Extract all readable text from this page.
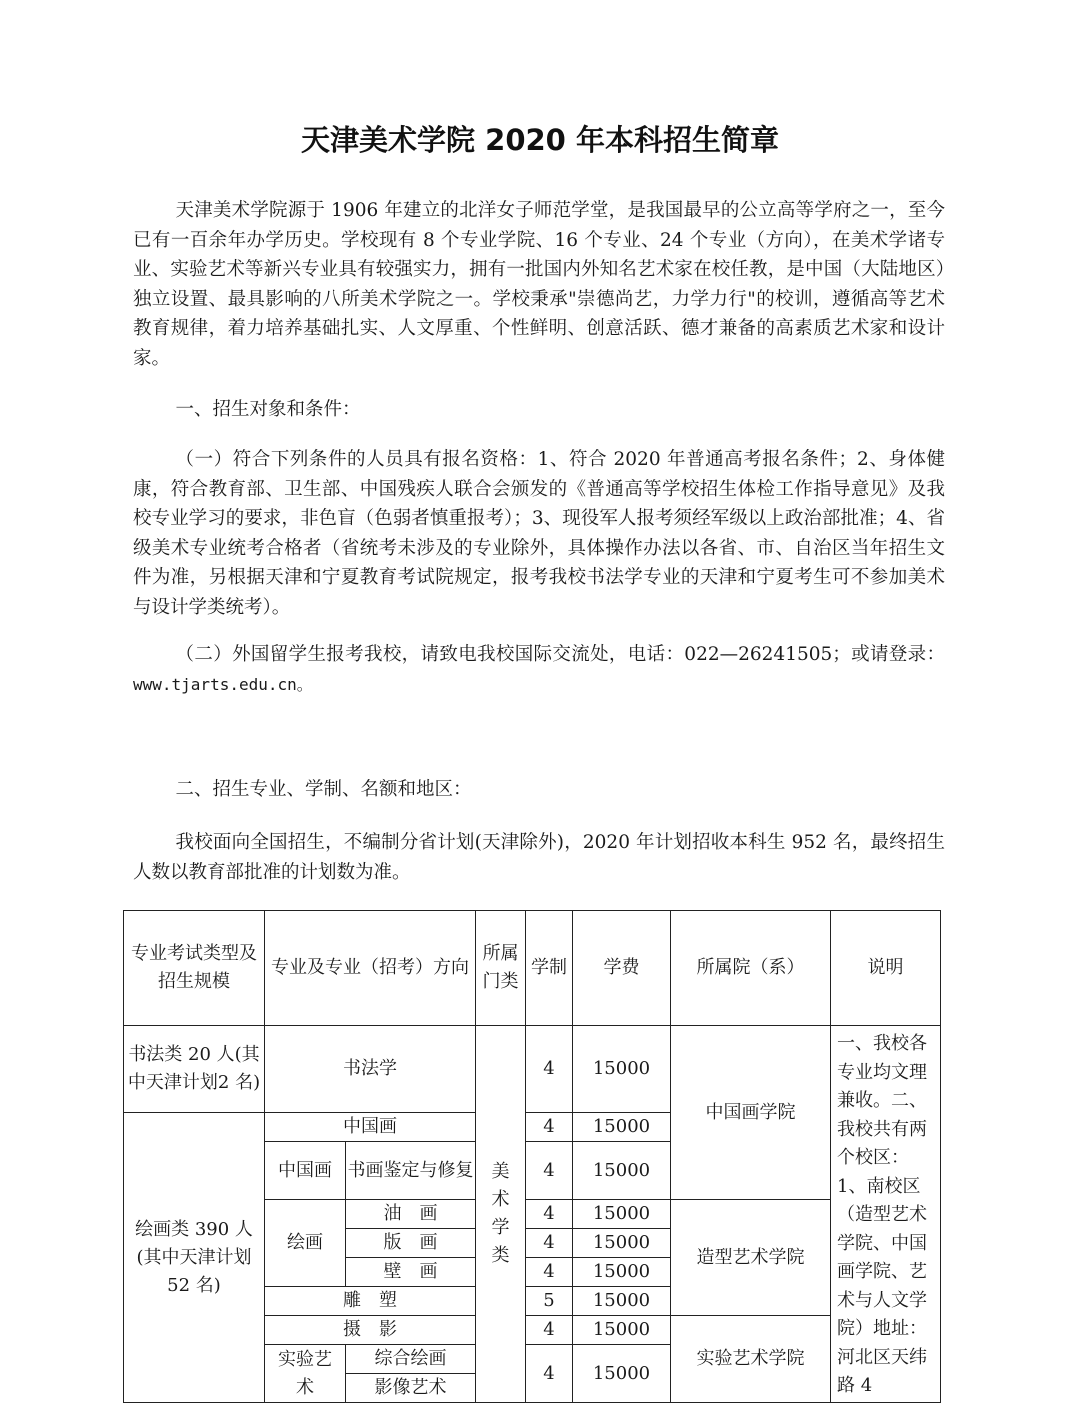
天津美术学院 2020 年本科招生简章
天津美术学院源于 1906 年建立的北洋女子师范学堂，是我国最早的公立高等学府之一，至今已有一百余年办学历史。学校现有 8 个专业学院、16 个专业、24 个专业（方向），在美术学诸专业、实验艺术等新兴专业具有较强实力，拥有一批国内外知名艺术家在校任教，是中国（大陆地区）独立设置、最具影响的八所美术学院之一。学校秉承"崇德尚艺，力学力行"的校训，遵循高等艺术教育规律，着力培养基础扎实、人文厚重、个性鲜明、创意活跃、德才兼备的高素质艺术家和设计家。
一、招生对象和条件：
（一）符合下列条件的人员具有报名资格：1、符合 2020 年普通高考报名条件；2、身体健康，符合教育部、卫生部、中国残疾人联合会颁发的《普通高等学校招生体检工作指导意见》及我校专业学习的要求，非色盲（色弱者慎重报考）；3、现役军人报考须经军级以上政治部批准；4、省级美术专业统考合格者（省统考未涉及的专业除外，具体操作办法以各省、市、自治区当年招生文件为准，另根据天津和宁夏教育考试院规定，报考我校书法学专业的天津和宁夏考生可不参加美术与设计学类统考）。
（二）外国留学生报考我校，请致电我校国际交流处，电话：022—26241505；或请登录：www.tjarts.edu.cn。
二、招生专业、学制、名额和地区：
我校面向全国招生，不编制分省计划(天津除外)，2020 年计划招收本科生 952 名，最终招生人数以教育部批准的计划数为准。
专业考试类型及招生规模	专业及专业（招考）方向		所属门类	学制	学费	所属院（系）	说明
书法类 20 人(其中天津计划2 名)	书法学		美术学类	4	15000	中国画学院	一、我校各专业均文理兼收。二、我校共有两个校区：1、南校区（造型艺术学院、中国画学院、艺术与人文学院）地址：河北区天纬路 4
绘画类 390 人(其中天津计划52 名)	中国画			4	15000		
	中国画	书画鉴定与修复		4	15000		
	绘画	油　画		4	15000	造型艺术学院	
		版　画		4	15000		
		壁　画		4	15000		
	雕　塑			5	15000		
	摄　影			4	15000	实验艺术学院	
	实验艺术	综合绘画		4	15000		
		影像艺术					
